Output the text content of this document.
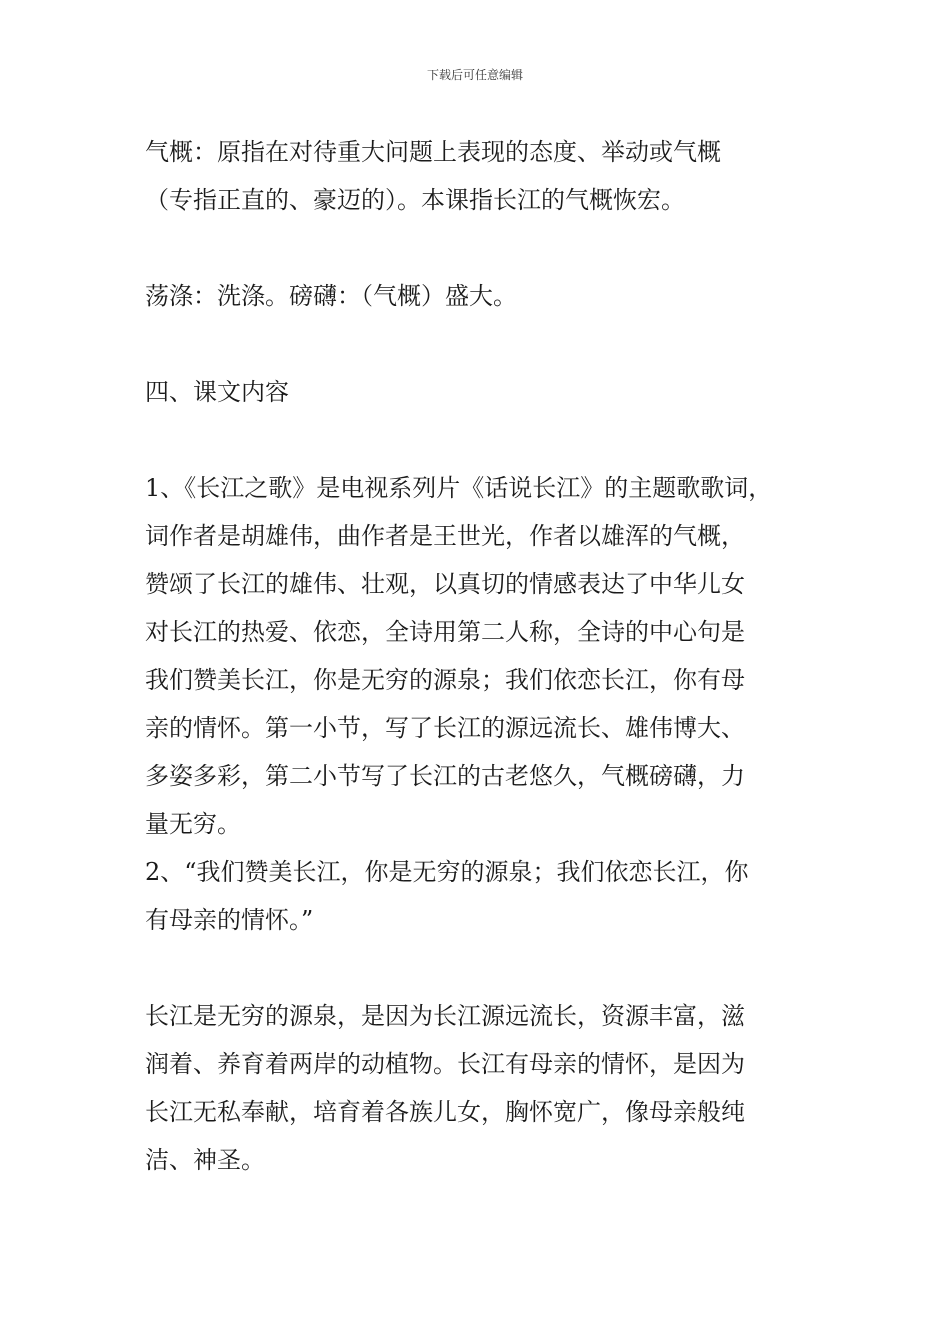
下载后可任意编辑

气概：原指在对待重大问题上表现的态度、举动或气概

（专指正直的、豪迈的）。本课指长江的气概恢宏。

荡涤：洗涤。磅礴：（气概）盛大。

四、课文内容

1、《长江之歌》是电视系列片《话说长江》的主题歌歌词，

词作者是胡雄伟，曲作者是王世光，作者以雄浑的气概，

赞颂了长江的雄伟、壮观，以真切的情感表达了中华儿女

对长江的热爱、依恋，全诗用第二人称，全诗的中心句是

我们赞美长江，你是无穷的源泉；我们依恋长江，你有母

亲的情怀。第一小节，写了长江的源远流长、雄伟博大、

多姿多彩，第二小节写了长江的古老悠久，气概磅礴，力

量无穷。

2、“我们赞美长江，你是无穷的源泉；我们依恋长江，你

有母亲的情怀。”

长江是无穷的源泉，是因为长江源远流长，资源丰富，滋

润着、养育着两岸的动植物。长江有母亲的情怀，是因为

长江无私奉献，培育着各族儿女，胸怀宽广，像母亲般纯

洁、神圣。
